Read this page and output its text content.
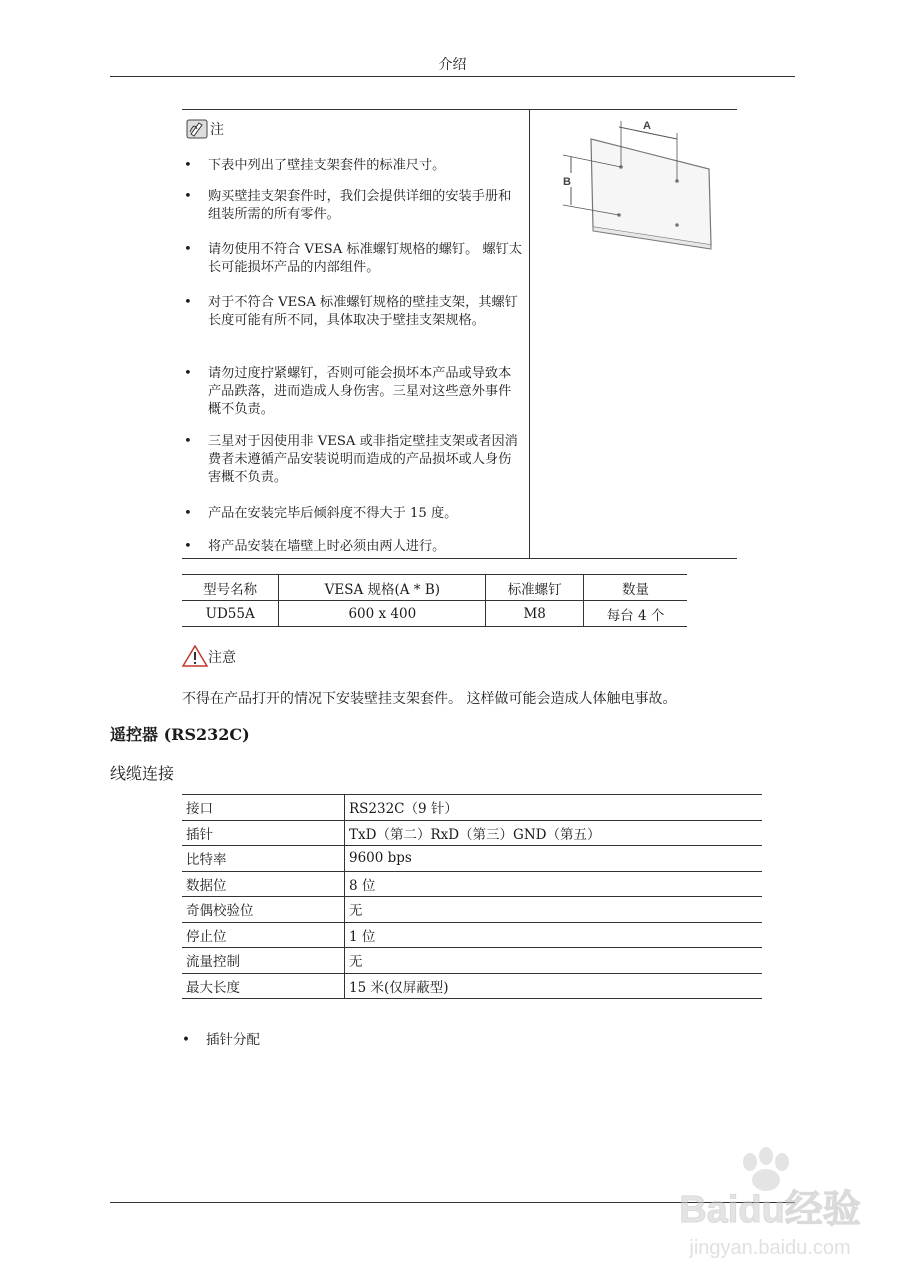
介绍
注
• 下表中列出了壁挂支架套件的标准尺寸。
• 购买壁挂支架套件时，我们会提供详细的安装手册和组装所需的所有零件。
• 请勿使用不符合 VESA 标准螺钉规格的螺钉。 螺钉太长可能损坏产品的内部组件。
• 对于不符合 VESA 标准螺钉规格的壁挂支架，其螺钉长度可能有所不同，具体取决于壁挂支架规格。
• 请勿过度拧紧螺钉，否则可能会损坏本产品或导致本产品跌落，进而造成人身伤害。三星对这些意外事件概不负责。
• 三星对于因使用非 VESA 或非指定壁挂支架或者因消费者未遵循产品安装说明而造成的产品损坏或人身伤害概不负责。
• 产品在安装完毕后倾斜度不得大于 15 度。
• 将产品安装在墙壁上时必须由两人进行。
A
B
型号名称	VESA 规格(A * B)	标准螺钉	数量
UD55A	600 x 400	M8	每台 4 个
注意
不得在产品打开的情况下安装壁挂支架套件。 这样做可能会造成人体触电事故。
遥控器 (RS232C)
线缆连接
接口	RS232C（9 针）
插针	TxD（第二）RxD（第三）GND（第五）
比特率	9600 bps
数据位	8 位
奇偶校验位	无
停止位	1 位
流量控制	无
最大长度	15 米(仅屏蔽型)
• 插针分配
Baidu经验
jingyan.baidu.com
